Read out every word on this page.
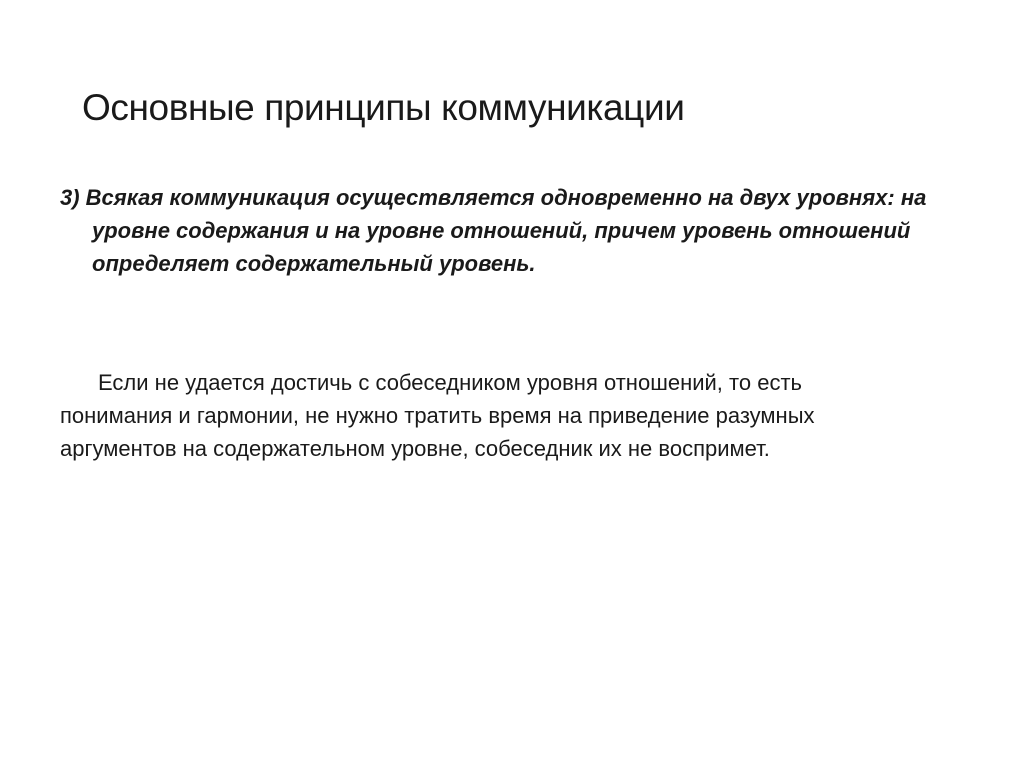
Основные принципы коммуникации

3) Всякая коммуникация осуществляется одновременно на двух уровнях: на уровне содержания и на уровне отношений, причем уровень отношений определяет содержательный уровень.

Если не удается достичь с собеседником уровня отношений, то есть понимания и гармонии, не нужно тратить время на приведение разумных аргументов на содержательном уровне, собеседник их не воспримет.
